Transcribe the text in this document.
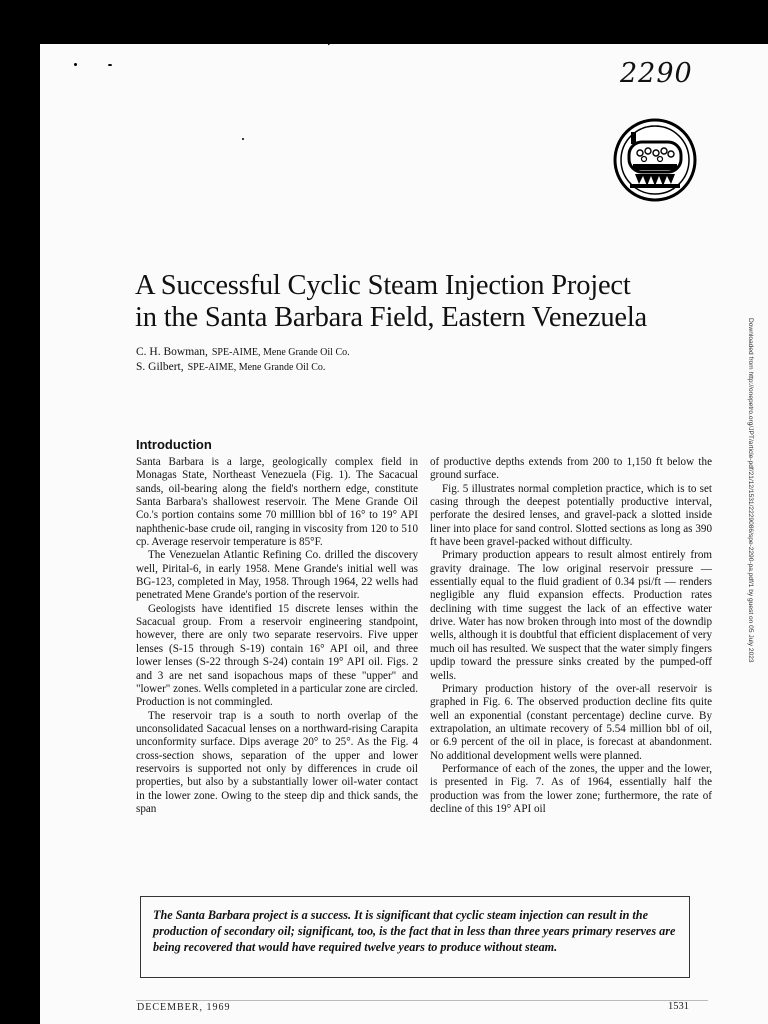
2290
A Successful Cyclic Steam Injection Project
in the Santa Barbara Field, Eastern Venezuela
C. H. Bowman, SPE-AIME, Mene Grande Oil Co.
S. Gilbert, SPE-AIME, Mene Grande Oil Co.	Downloaded from http://onepetro.org/JPT/article-pdf/21/12/1531/2229086/spe-2290-pa.pdf/1 by guest on 05 July 2023
Introduction

Santa Barbara is a large, geologically complex field in Monagas State, Northeast Venezuela (Fig. 1). The Sacacual sands, oil-bearing along the field's northern edge, constitute Santa Barbara's shallowest reservoir. The Mene Grande Oil Co.'s portion contains some 70 milllion bbl of 16° to 19° API naphthenic-base crude oil, ranging in viscosity from 120 to 510 cp. Average reservoir temperature is 85°F.

The Venezuelan Atlantic Refining Co. drilled the discovery well, Pirital-6, in early 1958. Mene Grande's initial well was BG-123, completed in May, 1958. Through 1964, 22 wells had penetrated Mene Grande's portion of the reservoir.

Geologists have identified 15 discrete lenses within the Sacacual group. From a reservoir engineering standpoint, however, there are only two separate reservoirs. Five upper lenses (S-15 through S-19) contain 16° API oil, and three lower lenses (S-22 through S-24) contain 19° API oil. Figs. 2 and 3 are net sand isopachous maps of these "upper" and "lower" zones. Wells completed in a particular zone are circled. Production is not commingled.

The reservoir trap is a south to north overlap of the unconsolidated Sacacual lenses on a northward-rising Carapita unconformity surface. Dips average 20° to 25°. As the Fig. 4 cross-section shows, separation of the upper and lower reservoirs is supported not only by differences in crude oil properties, but also by a substantially lower oil-water contact in the lower zone. Owing to the steep dip and thick sands, the span

of productive depths extends from 200 to 1,150 ft below the ground surface.

Fig. 5 illustrates normal completion practice, which is to set casing through the deepest potentially productive interval, perforate the desired lenses, and gravel-pack a slotted inside liner into place for sand control. Slotted sections as long as 390 ft have been gravel-packed without difficulty.

Primary production appears to result almost entirely from gravity drainage. The low original reservoir pressure — essentially equal to the fluid gradient of 0.34 psi/ft — renders negligible any fluid expansion effects. Production rates declining with time suggest the lack of an effective water drive. Water has now broken through into most of the downdip wells, although it is doubtful that efficient displacement of very much oil has resulted. We suspect that the water simply fingers updip toward the pressure sinks created by the pumped-off wells.

Primary production history of the over-all reservoir is graphed in Fig. 6. The observed production decline fits quite well an exponential (constant percentage) decline curve. By extrapolation, an ultimate recovery of 5.54 million bbl of oil, or 6.9 percent of the oil in place, is forecast at abandonment. No additional development wells were planned.

Performance of each of the zones, the upper and the lower, is presented in Fig. 7. As of 1964, essentially half the production was from the lower zone; furthermore, the rate of decline of this 19° API oil

The Santa Barbara project is a success. It is significant that cyclic steam injection can result in the production of secondary oil; significant, too, is the fact that in less than three years primary reserves are being recovered that would have required twelve years to produce without steam.

DECEMBER, 1969	1531
